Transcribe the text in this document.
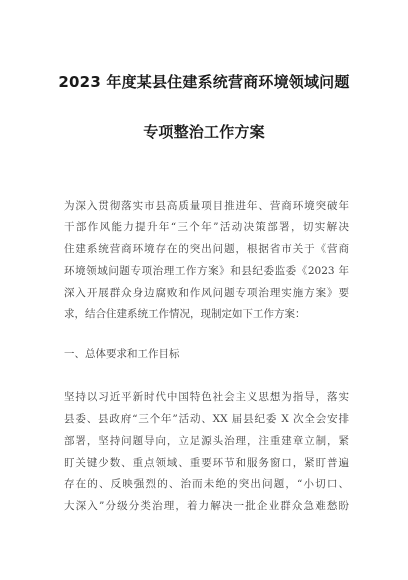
2023 年度某县住建系统营商环境领域问题
专项整治工作方案
为深入贯彻落实市县高质量项目推进年、营商环境突破年
干部作风能力提升年“三个年”活动决策部署，切实解决
住建系统营商环境存在的突出问题，根据省市关于《营商
环境领域问题专项治理工作方案》和县纪委监委《2023 年
深入开展群众身边腐败和作风问题专项治理实施方案》要
求，结合住建系统工作情况，现制定如下工作方案：
一、总体要求和工作目标
坚持以习近平新时代中国特色社会主义思想为指导，落实
县委、县政府“三个年”活动、XX 届县纪委 X 次全会安排
部署，坚持问题导向，立足源头治理，注重建章立制，紧
盯关键少数、重点领域、重要环节和服务窗口，紧盯普遍
存在的、反映强烈的、治而未绝的突出问题，“小切口、
大深入”分级分类治理，着力解决一批企业群众急难愁盼
